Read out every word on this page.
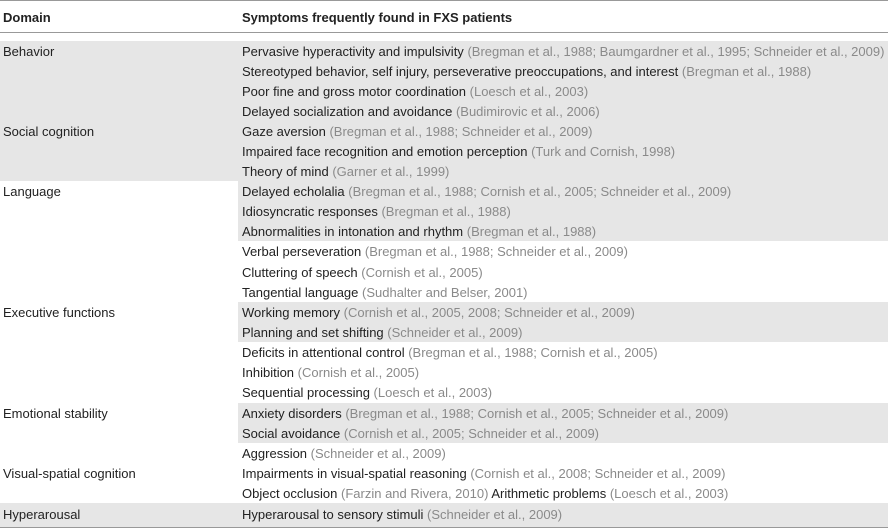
Domain	Symptoms frequently found in FXS patients
Behavior	Pervasive hyperactivity and impulsivity (Bregman et al., 1988; Baumgardner et al., 1995; Schneider et al., 2009)
Stereotyped behavior, self injury, perseverative preoccupations, and interest (Bregman et al., 1988)
Poor fine and gross motor coordination (Loesch et al., 2003)
Delayed socialization and avoidance (Budimirovic et al., 2006)
Social cognition	Gaze aversion (Bregman et al., 1988; Schneider et al., 2009)
Impaired face recognition and emotion perception (Turk and Cornish, 1998)
Theory of mind (Garner et al., 1999)
Language	Delayed echolalia (Bregman et al., 1988; Cornish et al., 2005; Schneider et al., 2009)
Idiosyncratic responses (Bregman et al., 1988)
Abnormalities in intonation and rhythm (Bregman et al., 1988)
Verbal perseveration (Bregman et al., 1988; Schneider et al., 2009)
Cluttering of speech (Cornish et al., 2005)
Tangential language (Sudhalter and Belser, 2001)
Executive functions	Working memory (Cornish et al., 2005, 2008; Schneider et al., 2009)
Planning and set shifting (Schneider et al., 2009)
Deficits in attentional control (Bregman et al., 1988; Cornish et al., 2005)
Inhibition (Cornish et al., 2005)
Sequential processing (Loesch et al., 2003)
Emotional stability	Anxiety disorders (Bregman et al., 1988; Cornish et al., 2005; Schneider et al., 2009)
Social avoidance (Cornish et al., 2005; Schneider et al., 2009)
Aggression (Schneider et al., 2009)
Visual-spatial cognition	Impairments in visual-spatial reasoning (Cornish et al., 2008; Schneider et al., 2009)
Object occlusion (Farzin and Rivera, 2010) Arithmetic problems (Loesch et al., 2003)
Hyperarousal	Hyperarousal to sensory stimuli (Schneider et al., 2009)
